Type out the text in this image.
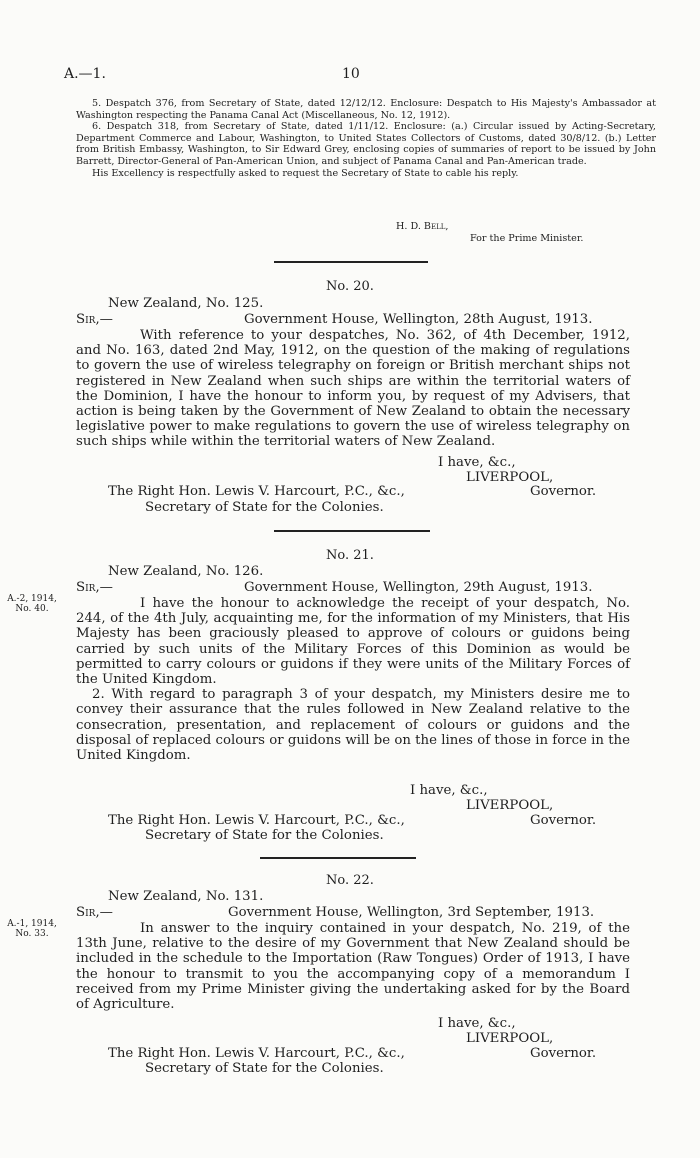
A.—1.	10

5. Despatch 376, from Secretary of State, dated 12/12/12. Enclosure: Despatch to His Majesty's Ambassador at Washington respecting the Panama Canal Act (Miscellaneous, No. 12, 1912).

6. Despatch 318, from Secretary of State, dated 1/11/12. Enclosure: (a.) Circular issued by Acting-Secretary, Department Commerce and Labour, Washington, to United States Collectors of Customs, dated 30/8/12. (b.) Letter from British Embassy, Washington, to Sir Edward Grey, enclosing copies of summaries of report to be issued by John Barrett, Director-General of Pan-American Union, and subject of Panama Canal and Pan-American trade.

His Excellency is respectfully asked to request the Secretary of State to cable his reply.

H. D. Bell,
For the Prime Minister.
No. 20.
New Zealand, No. 125.
Sir,—	Government House, Wellington, 28th August, 1913.

With reference to your despatches, No. 362, of 4th December, 1912, and No. 163, dated 2nd May, 1912, on the question of the making of regulations to govern the use of wireless telegraphy on foreign or British merchant ships not registered in New Zealand when such ships are within the territorial waters of the Dominion, I have the honour to inform you, by request of my Advisers, that action is being taken by the Government of New Zealand to obtain the necessary legislative power to make regulations to govern the use of wireless telegraphy on such ships while within the territorial waters of New Zealand.

I have, &c.,
LIVERPOOL,
The Right Hon. Lewis V. Harcourt, P.C., &c.,	Governor.
Secretary of State for the Colonies.
No. 21.
New Zealand, No. 126.
Sir,—	Government House, Wellington, 29th August, 1913.
A.-2, 1914, No. 40.	I have the honour to acknowledge the receipt of your despatch, No. 244, of the 4th July, acquainting me, for the information of my Ministers, that His Majesty has been graciously pleased to approve of colours or guidons being carried by such units of the Military Forces of this Dominion as would be permitted to carry colours or guidons if they were units of the Military Forces of the United Kingdom.

2. With regard to paragraph 3 of your despatch, my Ministers desire me to convey their assurance that the rules followed in New Zealand relative to the consecration, presentation, and replacement of colours or guidons and the disposal of replaced colours or guidons will be on the lines of those in force in the United Kingdom.

I have, &c.,
LIVERPOOL,
The Right Hon. Lewis V. Harcourt, P.C., &c.,	Governor.
Secretary of State for the Colonies.
No. 22.
New Zealand, No. 131.
Sir,—	Government House, Wellington, 3rd September, 1913.
A.-1, 1914, No. 33.	In answer to the inquiry contained in your despatch, No. 219, of the 13th June, relative to the desire of my Government that New Zealand should be included in the schedule to the Importation (Raw Tongues) Order of 1913, I have the honour to transmit to you the accompanying copy of a memorandum I received from my Prime Minister giving the undertaking asked for by the Board of Agriculture.

I have, &c.,
LIVERPOOL,
The Right Hon. Lewis V. Harcourt, P.C., &c.,	Governor.
Secretary of State for the Colonies.
